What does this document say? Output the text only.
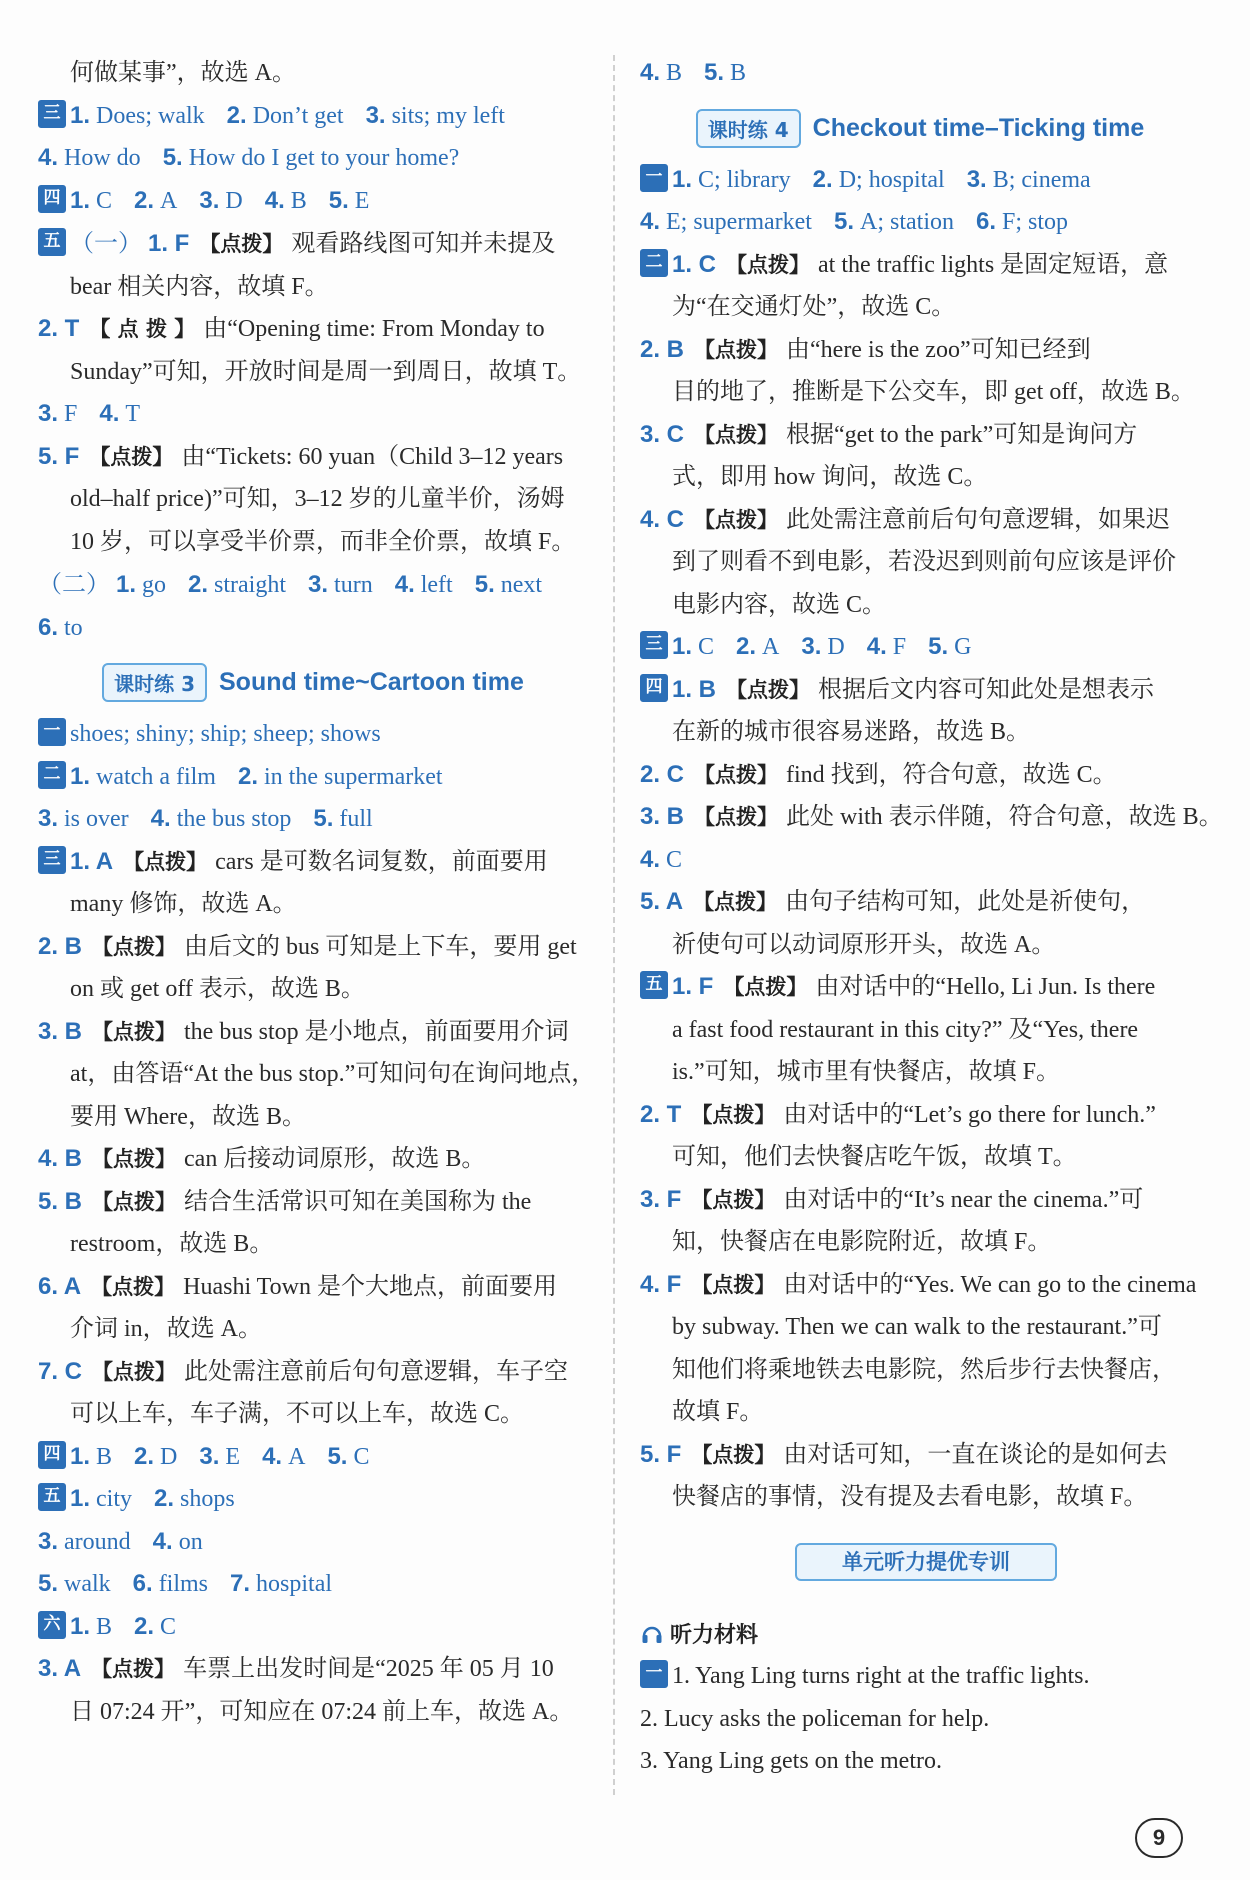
何做某事”，故选 A。
三 1. Does; walk 2. Don’t get 3. sits; my left
4. How do 5. How do I get to your home?
四 1. C 2. A 3. D 4. B 5. E
五 （一） 1. F 【点拨】 观看路线图可知并未提及
bear 相关内容，故填 F。
2. T 【 点 拨 】 由“Opening time: From Monday to
Sunday”可知，开放时间是周一到周日，故填 T。
3. F 4. T
5. F 【点拨】 由“Tickets: 60 yuan（Child 3–12 years
old–half price)”可知，3–12 岁的儿童半价，汤姆
10 岁，可以享受半价票，而非全价票，故填 F。
（二） 1. go 2. straight 3. turn 4. left 5. next
6. to
课时练 3 Sound time~Cartoon time
一 shoes; shiny; ship; sheep; shows
二 1. watch a film 2. in the supermarket
3. is over 4. the bus stop 5. full
三 1. A 【点拨】 cars 是可数名词复数，前面要用
many 修饰，故选 A。
2. B 【点拨】 由后文的 bus 可知是上下车，要用 get
on 或 get off 表示，故选 B。
3. B 【点拨】 the bus stop 是小地点，前面要用介词
at，由答语“At the bus stop.”可知问句在询问地点，
要用 Where，故选 B。
4. B 【点拨】 can 后接动词原形，故选 B。
5. B 【点拨】 结合生活常识可知在美国称为 the
restroom，故选 B。
6. A 【点拨】 Huashi Town 是个大地点，前面要用
介词 in，故选 A。
7. C 【点拨】 此处需注意前后句句意逻辑，车子空
可以上车，车子满，不可以上车，故选 C。
四 1. B 2. D 3. E 4. A 5. C
五 1. city 2. shops
3. around 4. on
5. walk 6. films 7. hospital
六 1. B 2. C
3. A 【点拨】 车票上出发时间是“2025 年 05 月 10
日 07:24 开”，可知应在 07:24 前上车，故选 A。
4. B 5. B
课时练 4 Checkout time–Ticking time
一 1. C; library 2. D; hospital 3. B; cinema
4. E; supermarket 5. A; station 6. F; stop
二 1. C 【点拨】 at the traffic lights 是固定短语，意
为“在交通灯处”，故选 C。
2. B 【点拨】 由“here is the zoo”可知已经到
目的地了，推断是下公交车，即 get off，故选 B。
3. C 【点拨】 根据“get to the park”可知是询问方
式，即用 how 询问，故选 C。
4. C 【点拨】 此处需注意前后句句意逻辑，如果迟
到了则看不到电影，若没迟到则前句应该是评价
电影内容，故选 C。
三 1. C 2. A 3. D 4. F 5. G
四 1. B 【点拨】 根据后文内容可知此处是想表示
在新的城市很容易迷路，故选 B。
2. C 【点拨】 find 找到，符合句意，故选 C。
3. B 【点拨】 此处 with 表示伴随，符合句意，故选 B。
4. C
5. A 【点拨】 由句子结构可知，此处是祈使句，
祈使句可以动词原形开头，故选 A。
五 1. F 【点拨】 由对话中的“Hello, Li Jun. Is there
a fast food restaurant in this city?” 及“Yes, there
is.”可知，城市里有快餐店，故填 F。
2. T 【点拨】 由对话中的“Let’s go there for lunch.”
可知，他们去快餐店吃午饭，故填 T。
3. F 【点拨】 由对话中的“It’s near the cinema.”可
知，快餐店在电影院附近，故填 F。
4. F 【点拨】 由对话中的“Yes. We can go to the cinema
by subway. Then we can walk to the restaurant.”可
知他们将乘地铁去电影院，然后步行去快餐店，
故填 F。
5. F 【点拨】 由对话可知，一直在谈论的是如何去
快餐店的事情，没有提及去看电影，故填 F。
单元听力提优专训
听力材料
一 1. Yang Ling turns right at the traffic lights.
2. Lucy asks the policeman for help.
3. Yang Ling gets on the metro.
9
